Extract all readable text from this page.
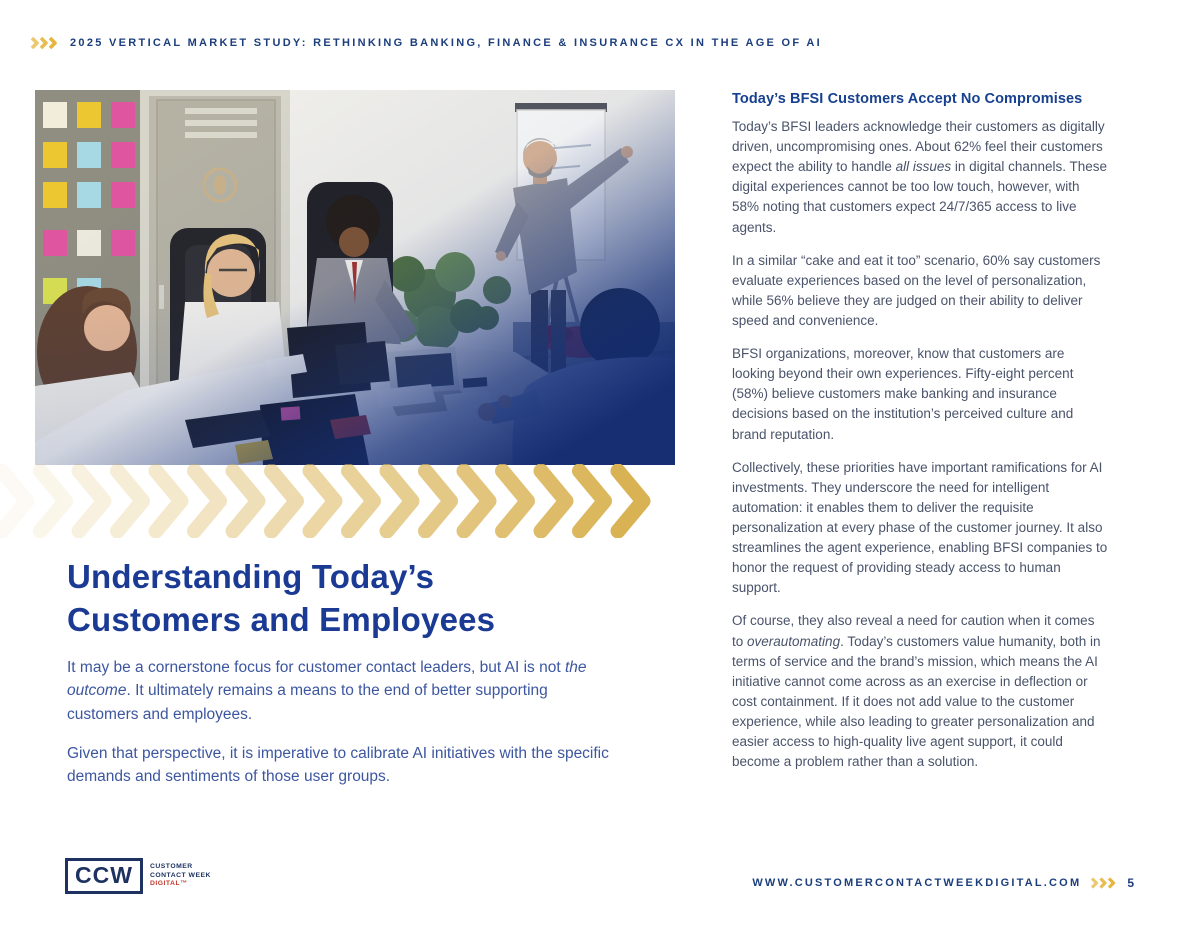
2025 VERTICAL MARKET STUDY: RETHINKING BANKING, FINANCE & INSURANCE CX IN THE AGE OF AI
Understanding Today’s
Customers and Employees

It may be a cornerstone focus for customer contact leaders, but AI is not the outcome. It ultimately remains a means to the end of better supporting customers and employees.

Given that perspective, it is imperative to calibrate AI initiatives with the specific demands and sentiments of those user groups.

Today’s BFSI Customers Accept No Compromises

Today’s BFSI leaders acknowledge their customers as digitally driven, uncompromising ones. About 62% feel their customers expect the ability to handle all issues in digital channels. These digital experiences cannot be too low touch, however, with 58% noting that customers expect 24/7/365 access to live agents.

In a similar “cake and eat it too” scenario, 60% say customers evaluate experiences based on the level of personalization, while 56% believe they are judged on their ability to deliver speed and convenience.

BFSI organizations, moreover, know that customers are looking beyond their own experiences. Fifty-eight percent (58%) believe customers make banking and insurance decisions based on the institution’s perceived culture and brand reputation.

Collectively, these priorities have important ramifications for AI investments. They underscore the need for intelligent automation: it enables them to deliver the requisite personalization at every phase of the customer journey. It also streamlines the agent experience, enabling BFSI companies to honor the request of providing steady access to human support.

Of course, they also reveal a need for caution when it comes to overautomating. Today’s customers value humanity, both in terms of service and the brand’s mission, which means the AI initiative cannot come across as an exercise in deflection or cost containment. If it does not add value to the customer experience, while also leading to greater personalization and easier access to high-quality live agent support, it could become a problem rather than a solution.

CCW	CUSTOMER
CONTACT WEEK
DIGITAL™	WWW.CUSTOMERCONTACTWEEKDIGITAL.COM	5
